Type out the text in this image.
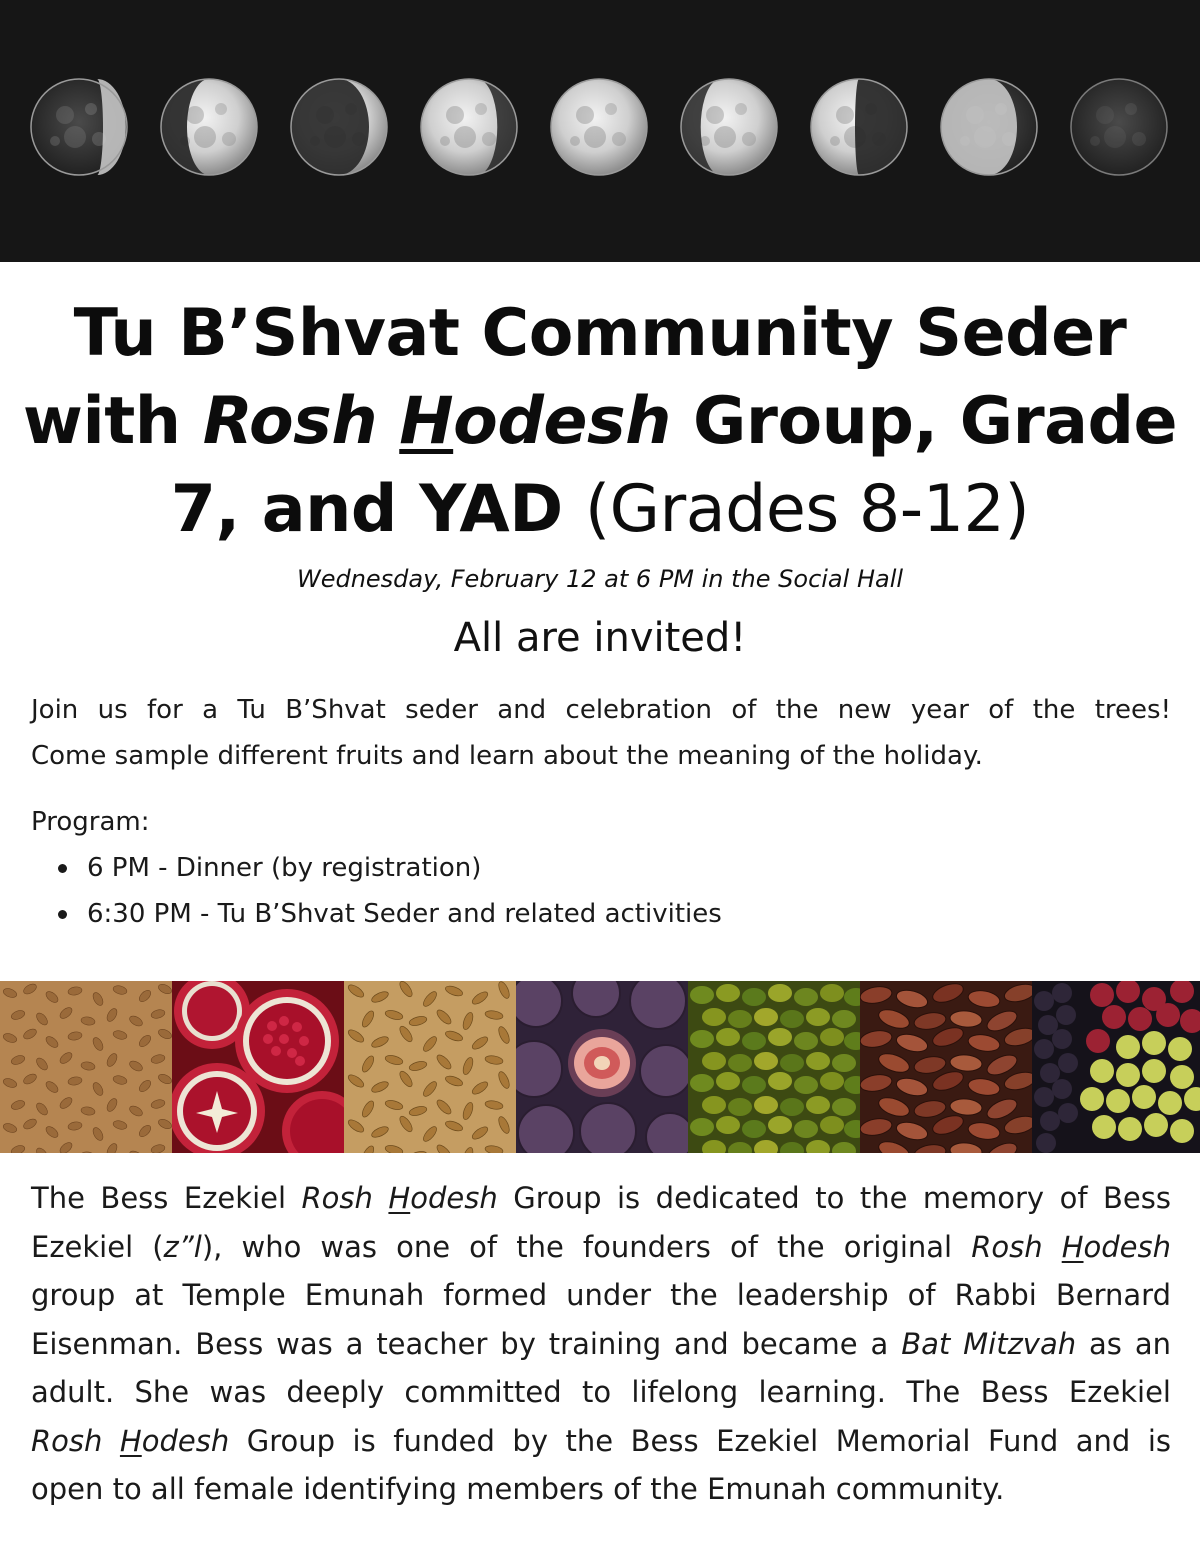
Tu B’Shvat Community Seder
with Rosh Hodesh Group, Grade
7, and YAD (Grades 8-12)
Wednesday, February 12 at 6 PM in the Social Hall
All are invited!

Join us for a Tu B’Shvat seder and celebration of the new year of the trees!
Come sample different fruits and learn about the meaning of the holiday.

Program:
6 PM - Dinner (by registration)
6:30 PM - Tu B’Shvat Seder and related activities

The Bess Ezekiel Rosh Hodesh Group is dedicated to the memory of Bess
Ezekiel (z”l), who was one of the founders of the original Rosh Hodesh
group at Temple Emunah formed under the leadership of Rabbi Bernard
Eisenman. Bess was a teacher by training and became a Bat Mitzvah as an
adult. She was deeply committed to lifelong learning. The Bess Ezekiel
Rosh Hodesh Group is funded by the Bess Ezekiel Memorial Fund and is
open to all female identifying members of the Emunah community.
